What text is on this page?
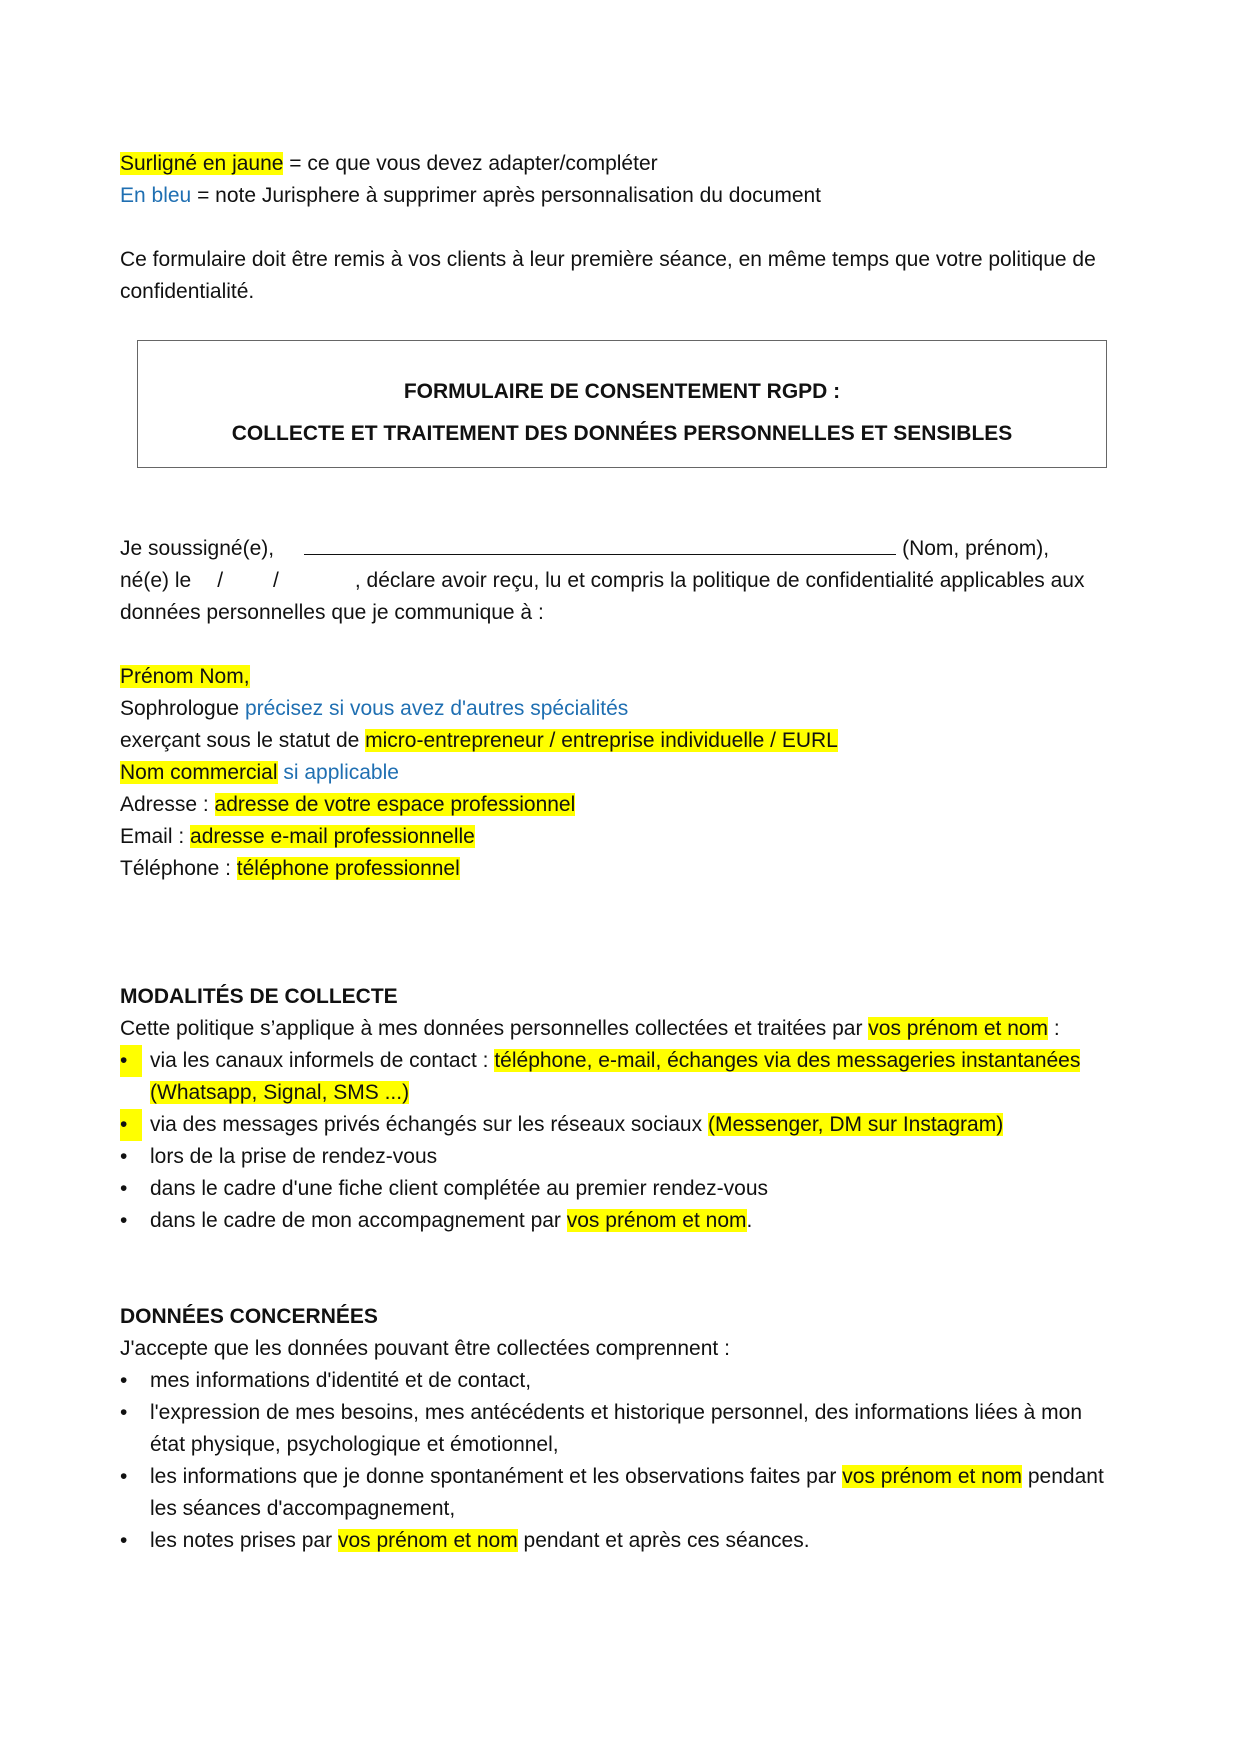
Surligné en jaune = ce que vous devez adapter/compléter

En bleu = note Jurisphere à supprimer après personnalisation du document

Ce formulaire doit être remis à vos clients à leur première séance, en même temps que votre politique de confidentialité.

FORMULAIRE DE CONSENTEMENT RGPD :
COLLECTE ET TRAITEMENT DES DONNÉES PERSONNELLES ET SENSIBLES

Je soussigné(e),	(Nom, prénom),

né(e) le / /	, déclare avoir reçu, lu et compris la politique de confidentialité applicables aux données personnelles que je communique à :

Prénom Nom,

Sophrologue précisez si vous avez d'autres spécialités

exerçant sous le statut de micro-entrepreneur / entreprise individuelle / EURL

Nom commercial si applicable

Adresse : adresse de votre espace professionnel

Email : adresse e-mail professionnelle

Téléphone : téléphone professionnel

MODALITÉS DE COLLECTE

Cette politique s’applique à mes données personnelles collectées et traitées par vos prénom et nom :

•	via les canaux informels de contact : téléphone, e-mail, échanges via des messageries instantanées (Whatsapp, Signal, SMS ...)
•	via des messages privés échangés sur les réseaux sociaux (Messenger, DM sur Instagram)
•	lors de la prise de rendez-vous
•	dans le cadre d'une fiche client complétée au premier rendez-vous
•	dans le cadre de mon accompagnement par vos prénom et nom.
DONNÉES CONCERNÉES

J'accepte que les données pouvant être collectées comprennent :

•	mes informations d'identité et de contact,
•	l'expression de mes besoins, mes antécédents et historique personnel, des informations liées à mon état physique, psychologique et émotionnel,
•	les informations que je donne spontanément et les observations faites par vos prénom et nom pendant les séances d'accompagnement,
•	les notes prises par vos prénom et nom pendant et après ces séances.
